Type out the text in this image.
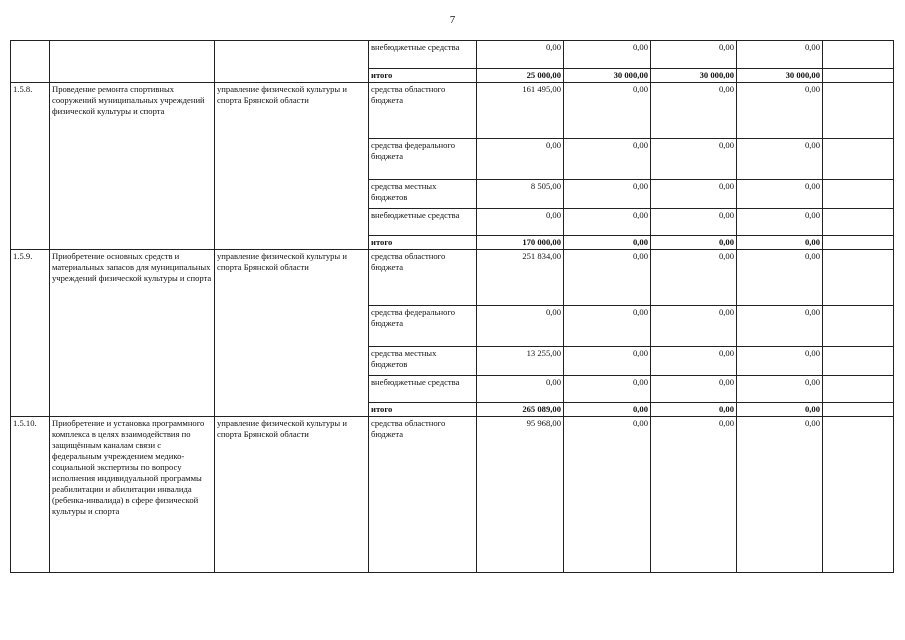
7
			внебюджетные средства	0,00	0,00	0,00	0,00	
			итого	25 000,00	30 000,00	30 000,00	30 000,00	
1.5.8.	Проведение ремонта спортивных сооружений муниципальных учреждений физической культуры и спорта	управление физической культуры и спорта Брянской области	средства областного бюджета	161 495,00	0,00	0,00	0,00	
			средства федерального бюджета	0,00	0,00	0,00	0,00	
			средства местных бюджетов	8 505,00	0,00	0,00	0,00	
			внебюджетные средства	0,00	0,00	0,00	0,00	
			итого	170 000,00	0,00	0,00	0,00	
1.5.9.	Приобретение основных средств и материальных запасов для муниципальных учреждений физической культуры и спорта	управление физической культуры и спорта Брянской области	средства областного бюджета	251 834,00	0,00	0,00	0,00	
			средства федерального бюджета	0,00	0,00	0,00	0,00	
			средства местных бюджетов	13 255,00	0,00	0,00	0,00	
			внебюджетные средства	0,00	0,00	0,00	0,00	
			итого	265 089,00	0,00	0,00	0,00	
1.5.10.	Приобретение и установка программного комплекса в целях взаимодействия по защищённым каналам связи с федеральным учреждением медико-социальной экспертизы по вопросу исполнения индивидуальной программы реабилитации и абилитации инвалида (ребенка-инвалида) в сфере физической культуры и спорта	управление физической культуры и спорта Брянской области	средства областного бюджета	95 968,00	0,00	0,00	0,00	
